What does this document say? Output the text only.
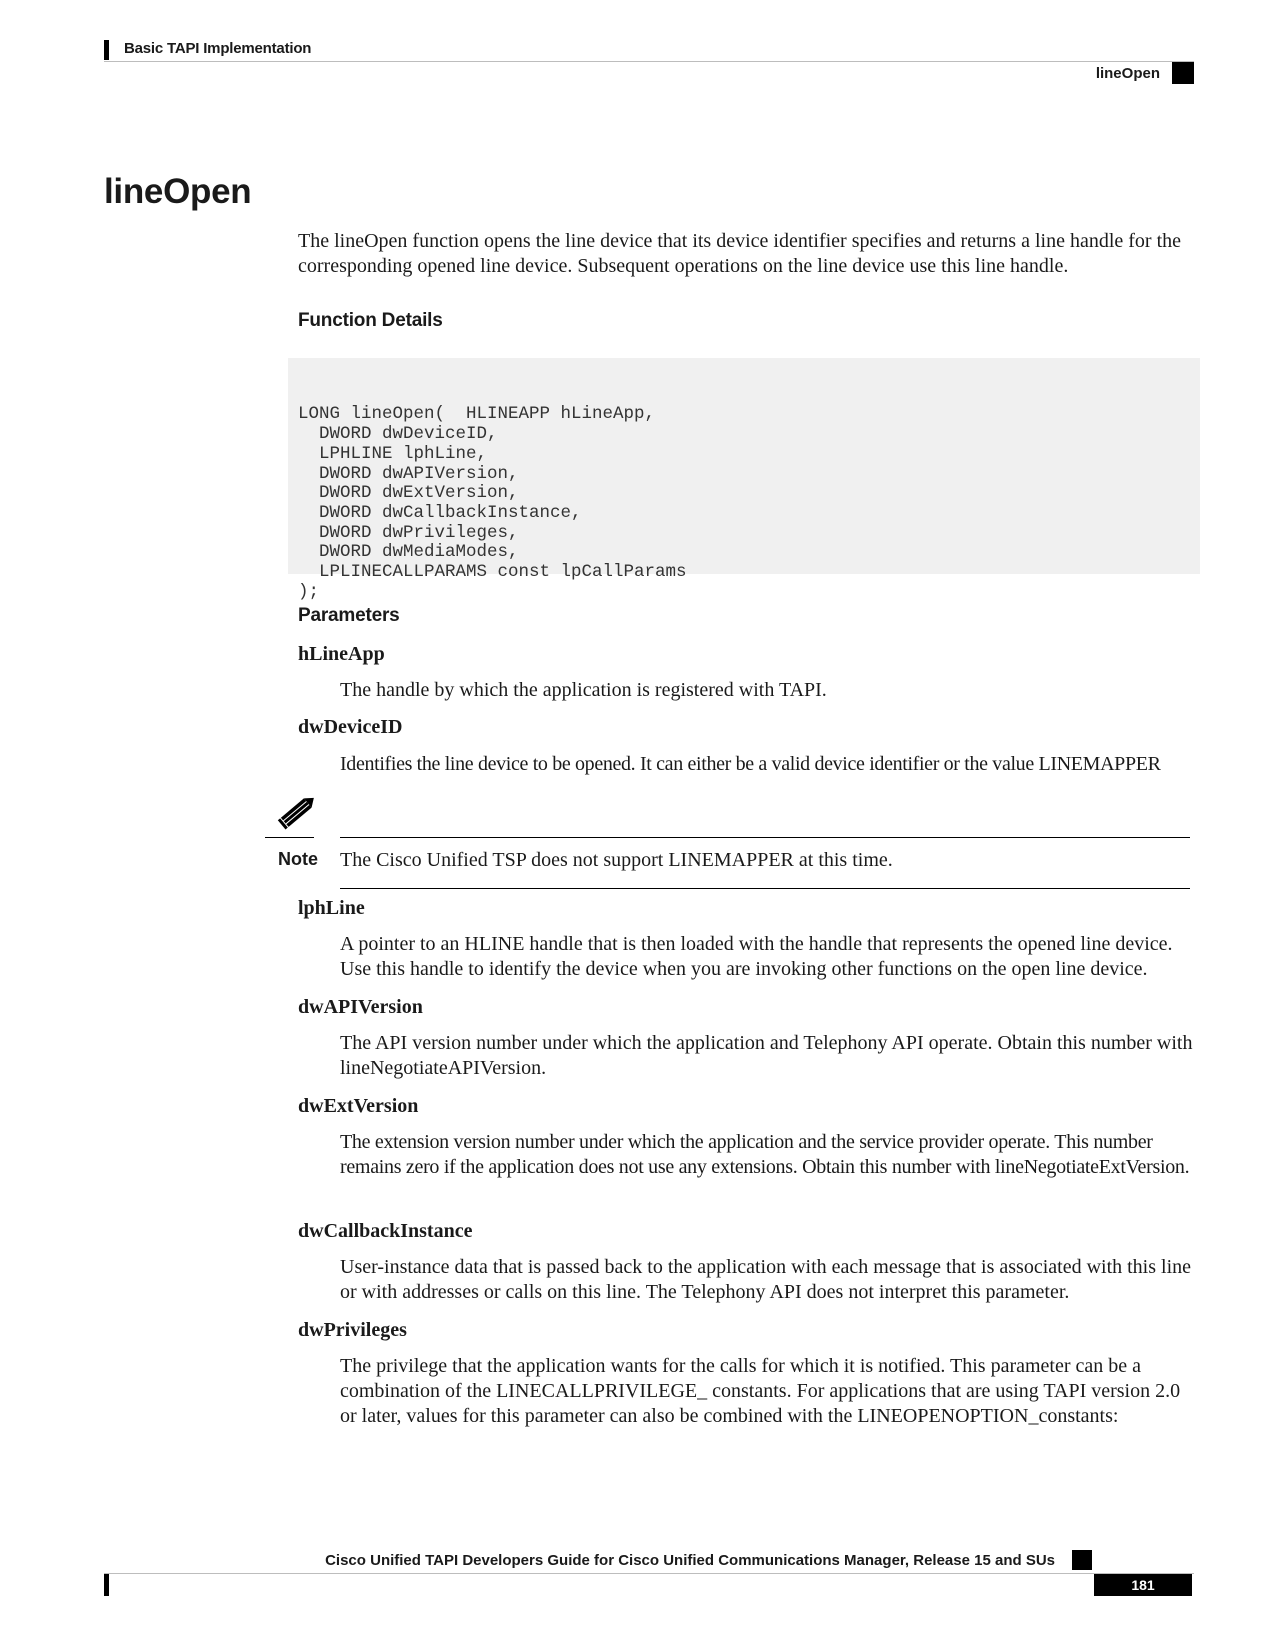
Basic TAPI Implementation
lineOpen
lineOpen

The lineOpen function opens the line device that its device identifier specifies and returns a line handle for the corresponding opened line device. Subsequent operations on the line device use this line handle.

Function Details

LONG lineOpen(  HLINEAPP hLineApp,
DWORD dwDeviceID,
LPHLINE lphLine,
DWORD dwAPIVersion,
DWORD dwExtVersion,
DWORD dwCallbackInstance,
DWORD dwPrivileges,
DWORD dwMediaModes,
LPLINECALLPARAMS const lpCallParams
);

Parameters
hLineApp

The handle by which the application is registered with TAPI.

dwDeviceID

Identifies the line device to be opened. It can either be a valid device identifier or the value LINEMAPPER

Note The Cisco Unified TSP does not support LINEMAPPER at this time.
lphLine

A pointer to an HLINE handle that is then loaded with the handle that represents the opened line device. Use this handle to identify the device when you are invoking other functions on the open line device.

dwAPIVersion

The API version number under which the application and Telephony API operate. Obtain this number with lineNegotiateAPIVersion.

dwExtVersion

The extension version number under which the application and the service provider operate. This number remains zero if the application does not use any extensions. Obtain this number with lineNegotiateExtVersion.

dwCallbackInstance

User-instance data that is passed back to the application with each message that is associated with this line or with addresses or calls on this line. The Telephony API does not interpret this parameter.

dwPrivileges

The privilege that the application wants for the calls for which it is notified. This parameter can be a combination of the LINECALLPRIVILEGE_ constants. For applications that are using TAPI version 2.0 or later, values for this parameter can also be combined with the LINEOPENOPTION_constants:

Cisco Unified TAPI Developers Guide for Cisco Unified Communications Manager, Release 15 and SUs
181
